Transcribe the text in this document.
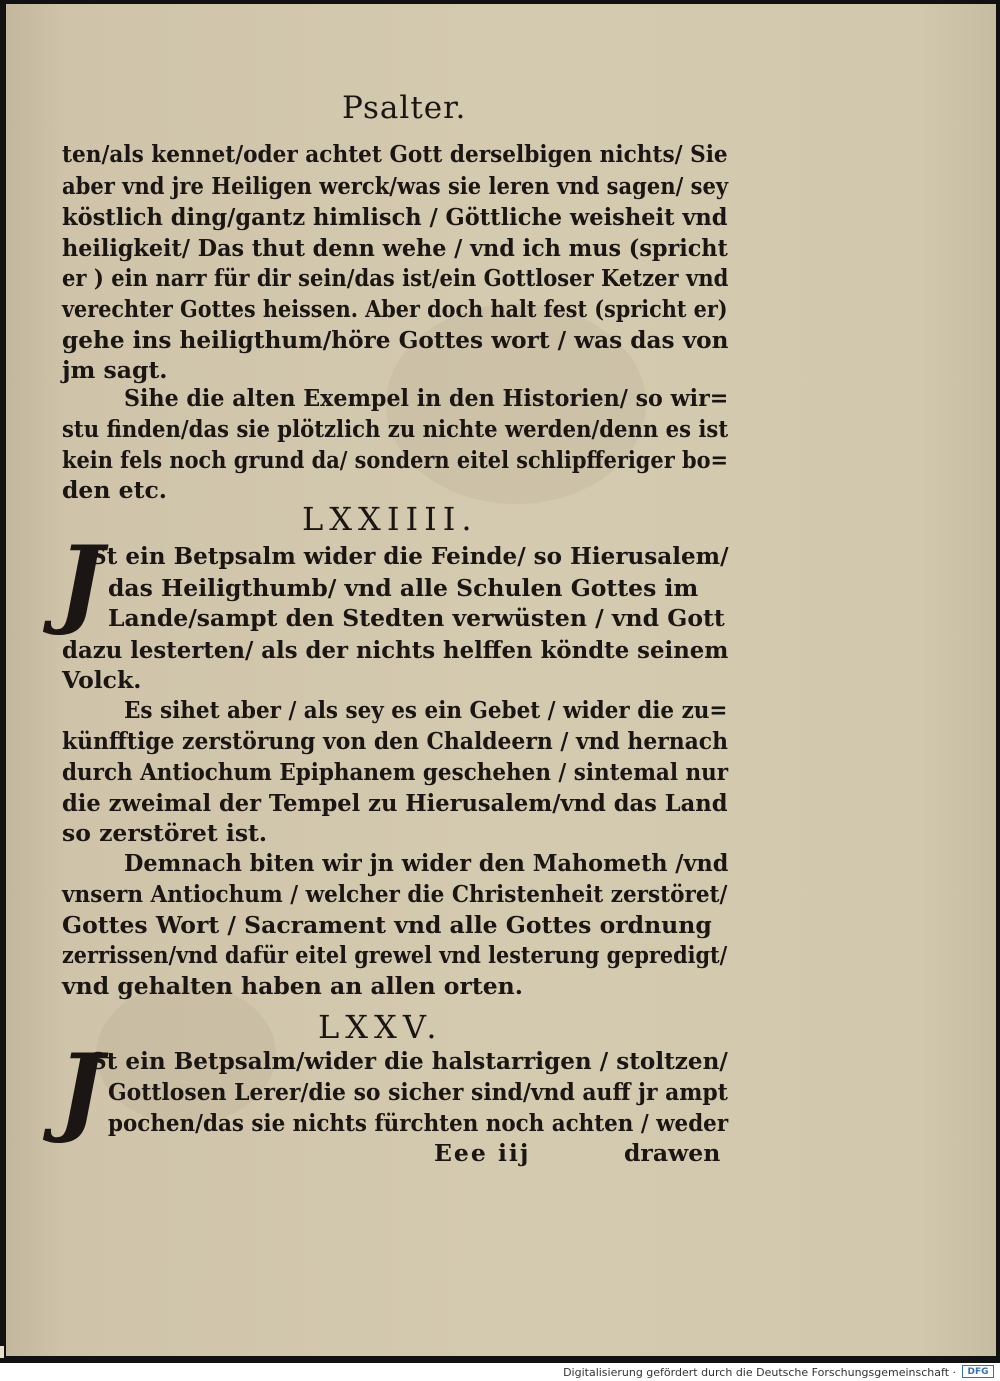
Psalter.
ten/als kennet/oder achtet Gott derselbigen nichts/ Sie
aber vnd jre Heiligen werck/was sie leren vnd sagen/ sey
köstlich ding/gantz himlisch / Göttliche weisheit vnd
heiligkeit/ Das thut denn wehe / vnd ich mus (spricht
er ) ein narr für dir sein/das ist/ein Gottloser Ketzer vnd
verechter Gottes heissen. Aber doch halt fest (spricht er)
gehe ins heiligthum/höre Gottes wort / was das von
jm sagt.
Sihe die alten Exempel in den Historien/ so wir=
stu finden/das sie plötzlich zu nichte werden/denn es ist
kein fels noch grund da/ sondern eitel schlipfferiger bo=
den etc.
LXXIIII.
J
St ein Betpsalm wider die Feinde/ so Hierusalem/
das Heiligthumb/ vnd alle Schulen Gottes im
Lande/sampt den Stedten verwüsten / vnd Gott
dazu lesterten/ als der nichts helffen köndte seinem
Volck.
Es sihet aber / als sey es ein Gebet / wider die zu=
künfftige zerstörung von den Chaldeern / vnd hernach
durch Antiochum Epiphanem geschehen / sintemal nur
die zweimal der Tempel zu Hierusalem/vnd das Land
so zerstöret ist.
Demnach biten wir jn wider den Mahometh /vnd
vnsern Antiochum / welcher die Christenheit zerstöret/
Gottes Wort / Sacrament vnd alle Gottes ordnung
zerrissen/vnd dafür eitel grewel vnd lesterung gepredigt/
vnd gehalten haben an allen orten.
LXXV.
J
St ein Betpsalm/wider die halstarrigen / stoltzen/
Gottlosen Lerer/die so sicher sind/vnd auff jr ampt
pochen/das sie nichts fürchten noch achten / weder
Eee iij	drawen
Digitalisierung gefördert durch die Deutsche Forschungsgemeinschaft ·	DFG
